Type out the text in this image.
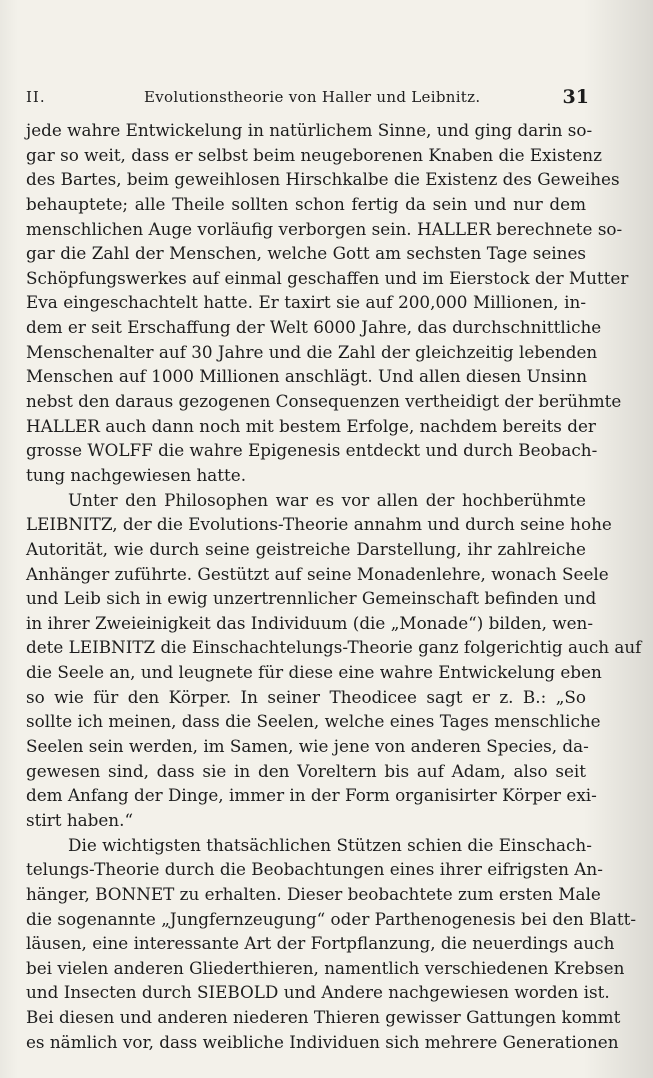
II.	Evolutionstheorie von Haller und Leibnitz.	31
jede wahre Entwickelung in natürlichem Sinne, und ging darin so-
gar so weit, dass er selbst beim neugeborenen Knaben die Existenz
des Bartes, beim geweihlosen Hirschkalbe die Existenz des Geweihes
behauptete; alle Theile sollten schon fertig da sein und nur dem
menschlichen Auge vorläufig verborgen sein. HALLER berechnete so-
gar die Zahl der Menschen, welche Gott am sechsten Tage seines
Schöpfungswerkes auf einmal geschaffen und im Eierstock der Mutter
Eva eingeschachtelt hatte. Er taxirt sie auf 200,000 Millionen, in-
dem er seit Erschaffung der Welt 6000 Jahre, das durchschnittliche
Menschenalter auf 30 Jahre und die Zahl der gleichzeitig lebenden
Menschen auf 1000 Millionen anschlägt. Und allen diesen Unsinn
nebst den daraus gezogenen Consequenzen vertheidigt der berühmte
HALLER auch dann noch mit bestem Erfolge, nachdem bereits der
grosse WOLFF die wahre Epigenesis entdeckt und durch Beobach-
tung nachgewiesen hatte.
Unter den Philosophen war es vor allen der hochberühmte
LEIBNITZ, der die Evolutions-Theorie annahm und durch seine hohe
Autorität, wie durch seine geistreiche Darstellung, ihr zahlreiche
Anhänger zuführte. Gestützt auf seine Monadenlehre, wonach Seele
und Leib sich in ewig unzertrennlicher Gemeinschaft befinden und
in ihrer Zweieinigkeit das Individuum (die „Monade“) bilden, wen-
dete LEIBNITZ die Einschachtelungs-Theorie ganz folgerichtig auch auf
die Seele an, und leugnete für diese eine wahre Entwickelung eben
so wie für den Körper. In seiner Theodicee sagt er z. B.: „So
sollte ich meinen, dass die Seelen, welche eines Tages menschliche
Seelen sein werden, im Samen, wie jene von anderen Species, da-
gewesen sind, dass sie in den Voreltern bis auf Adam, also seit
dem Anfang der Dinge, immer in der Form organisirter Körper exi-
stirt haben.“
Die wichtigsten thatsächlichen Stützen schien die Einschach-
telungs-Theorie durch die Beobachtungen eines ihrer eifrigsten An-
hänger, BONNET zu erhalten. Dieser beobachtete zum ersten Male
die sogenannte „Jungfernzeugung“ oder Parthenogenesis bei den Blatt-
läusen, eine interessante Art der Fortpflanzung, die neuerdings auch
bei vielen anderen Gliederthieren, namentlich verschiedenen Krebsen
und Insecten durch SIEBOLD und Andere nachgewiesen worden ist.
Bei diesen und anderen niederen Thieren gewisser Gattungen kommt
es nämlich vor, dass weibliche Individuen sich mehrere Generationen
